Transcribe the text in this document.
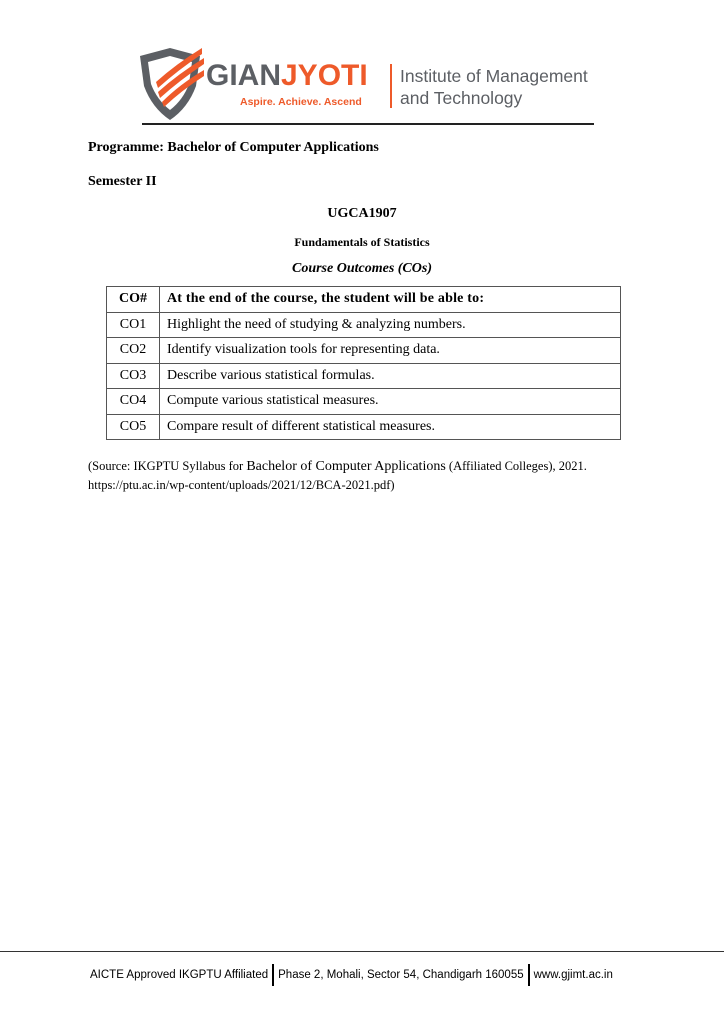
GIANJYOTI
Aspire. Achieve. Ascend
Institute of Management
and Technology
Programme: Bachelor of Computer Applications
Semester II
UGCA1907
Fundamentals of Statistics
Course Outcomes (COs)
CO#	At the end of the course, the student will be able to:
CO1	Highlight the need of studying & analyzing numbers.
CO2	Identify visualization tools for representing data.
CO3	Describe various statistical formulas.
CO4	Compute various statistical measures.
CO5	Compare result of different statistical measures.
(Source: IKGPTU Syllabus for Bachelor of Computer Applications (Affiliated Colleges), 2021.
https://ptu.ac.in/wp-content/uploads/2021/12/BCA-2021.pdf)
AICTE Approved IKGPTU Affiliated Phase 2, Mohali, Sector 54, Chandigarh 160055 www.gjimt.ac.in
